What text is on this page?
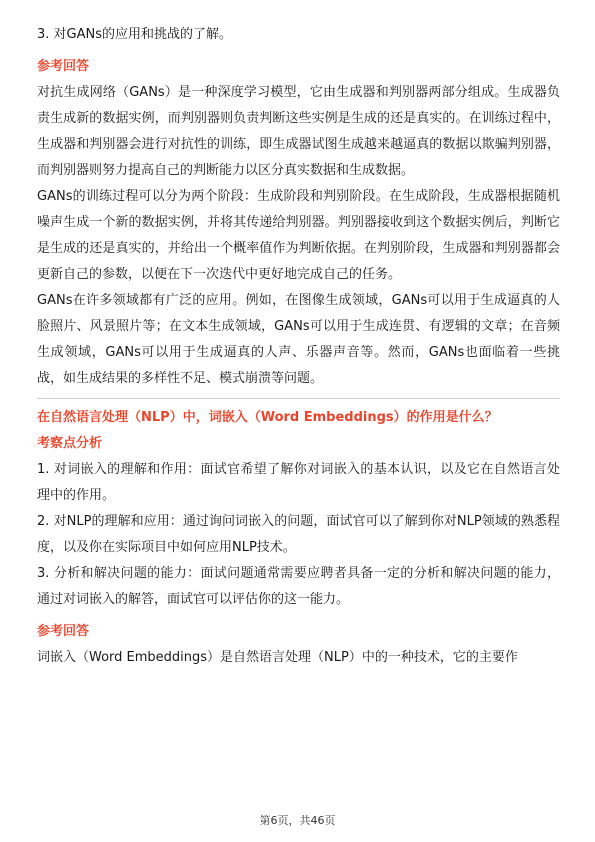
3. 对GANs的应用和挑战的了解。

参考回答

对抗生成网络（GANs）是一种深度学习模型，它由生成器和判别器两部分组成。生成器负责生成新的数据实例，而判别器则负责判断这些实例是生成的还是真实的。在训练过程中，生成器和判别器会进行对抗性的训练，即生成器试图生成越来越逼真的数据以欺骗判别器，而判别器则努力提高自己的判断能力以区分真实数据和生成数据。

GANs的训练过程可以分为两个阶段：生成阶段和判别阶段。在生成阶段，生成器根据随机噪声生成一个新的数据实例，并将其传递给判别器。判别器接收到这个数据实例后，判断它是生成的还是真实的，并给出一个概率值作为判断依据。在判别阶段，生成器和判别器都会更新自己的参数，以便在下一次迭代中更好地完成自己的任务。

GANs在许多领域都有广泛的应用。例如，在图像生成领域，GANs可以用于生成逼真的人脸照片、风景照片等；在文本生成领域，GANs可以用于生成连贯、有逻辑的文章；在音频生成领域，GANs可以用于生成逼真的人声、乐器声音等。然而，GANs也面临着一些挑战，如生成结果的多样性不足、模式崩溃等问题。

在自然语言处理（NLP）中，词嵌入（Word Embeddings）的作用是什么？

考察点分析

1. 对词嵌入的理解和作用：面试官希望了解你对词嵌入的基本认识，以及它在自然语言处理中的作用。

2. 对NLP的理解和应用：通过询问词嵌入的问题，面试官可以了解到你对NLP领域的熟悉程度，以及你在实际项目中如何应用NLP技术。

3. 分析和解决问题的能力：面试问题通常需要应聘者具备一定的分析和解决问题的能力，通过对词嵌入的解答，面试官可以评估你的这一能力。

参考回答

词嵌入（Word Embeddings）是自然语言处理（NLP）中的一种技术，它的主要作

第6页，共46页
